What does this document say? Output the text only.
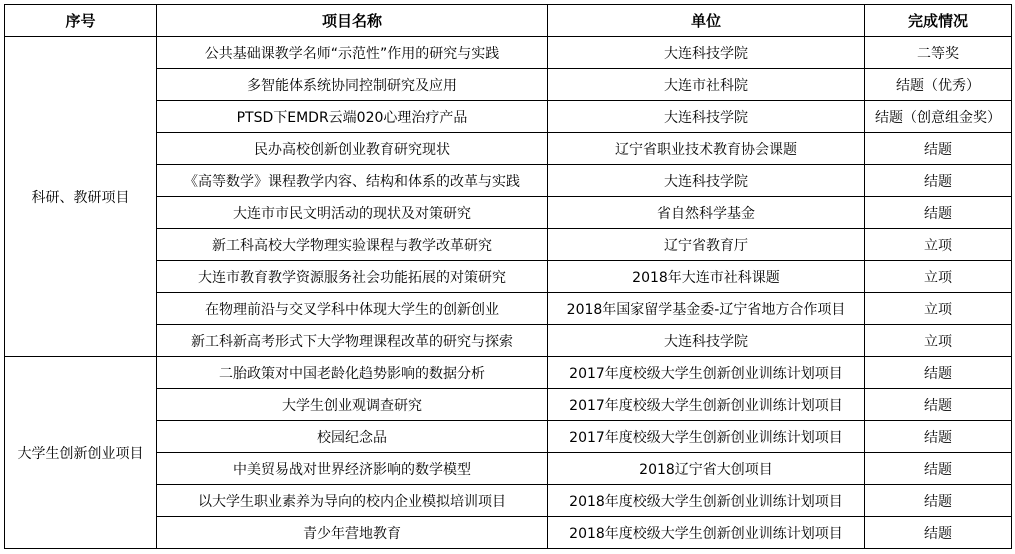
序号	项目名称	单位	完成情况
科研、教研项目	公共基础课教学名师“示范性”作用的研究与实践	大连科技学院	二等奖
	多智能体系统协同控制研究及应用	大连市社科院	结题（优秀）
	PTSD下EMDR云端020心理治疗产品	大连科技学院	结题（创意组金奖）
	民办高校创新创业教育研究现状	辽宁省职业技术教育协会课题	结题
	《高等数学》课程教学内容、结构和体系的改革与实践	大连科技学院	结题
	大连市市民文明活动的现状及对策研究	省自然科学基金	结题
	新工科高校大学物理实验课程与教学改革研究	辽宁省教育厅	立项
	大连市教育教学资源服务社会功能拓展的对策研究	2018年大连市社科课题	立项
	在物理前沿与交叉学科中体现大学生的创新创业	2018年国家留学基金委-辽宁省地方合作项目	立项
	新工科新高考形式下大学物理课程改革的研究与探索	大连科技学院	立项
大学生创新创业项目	二胎政策对中国老龄化趋势影响的数据分析	2017年度校级大学生创新创业训练计划项目	结题
	大学生创业观调查研究	2017年度校级大学生创新创业训练计划项目	结题
	校园纪念品	2017年度校级大学生创新创业训练计划项目	结题
	中美贸易战对世界经济影响的数学模型	2018辽宁省大创项目	结题
	以大学生职业素养为导向的校内企业模拟培训项目	2018年度校级大学生创新创业训练计划项目	结题
	青少年营地教育	2018年度校级大学生创新创业训练计划项目	结题
